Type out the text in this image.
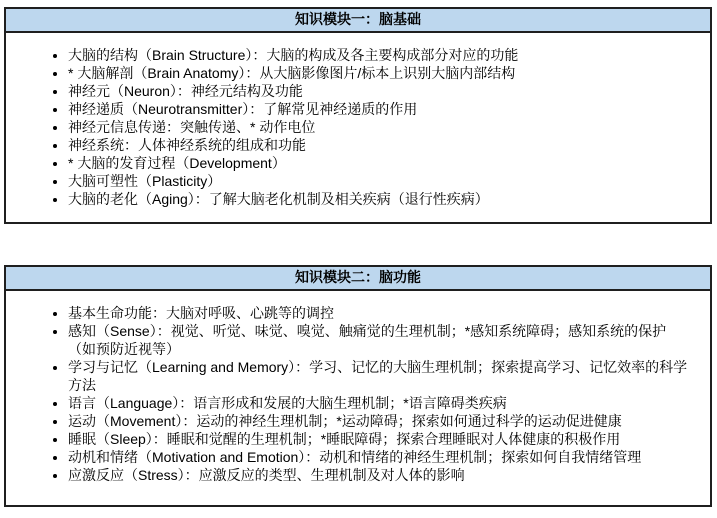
知识模块一：脑基础
• 大脑的结构（Brain Structure）：大脑的构成及各主要构成部分对应的功能
• * 大脑解剖（Brain Anatomy）：从大脑影像图片/标本上识别大脑内部结构
• 神经元（Neuron）：神经元结构及功能
• 神经递质（Neurotransmitter）：了解常见神经递质的作用
• 神经元信息传递：突触传递、* 动作电位
• 神经系统：人体神经系统的组成和功能
• * 大脑的发育过程（Development）
• 大脑可塑性（Plasticity）
• 大脑的老化（Aging）：了解大脑老化机制及相关疾病（退行性疾病）
知识模块二：脑功能
• 基本生命功能：大脑对呼吸、心跳等的调控
• 感知（Sense）：视觉、听觉、味觉、嗅觉、触痛觉的生理机制；*感知系统障碍；感知系统的保护（如预防近视等）
• 学习与记忆（Learning and Memory）：学习、记忆的大脑生理机制；探索提高学习、记忆效率的科学方法
• 语言（Language）：语言形成和发展的大脑生理机制；*语言障碍类疾病
• 运动（Movement）：运动的神经生理机制；*运动障碍；探索如何通过科学的运动促进健康
• 睡眠（Sleep）：睡眠和觉醒的生理机制；*睡眠障碍；探索合理睡眠对人体健康的积极作用
• 动机和情绪（Motivation and Emotion）：动机和情绪的神经生理机制；探索如何自我情绪管理
• 应激反应（Stress）：应激反应的类型、生理机制及对人体的影响
